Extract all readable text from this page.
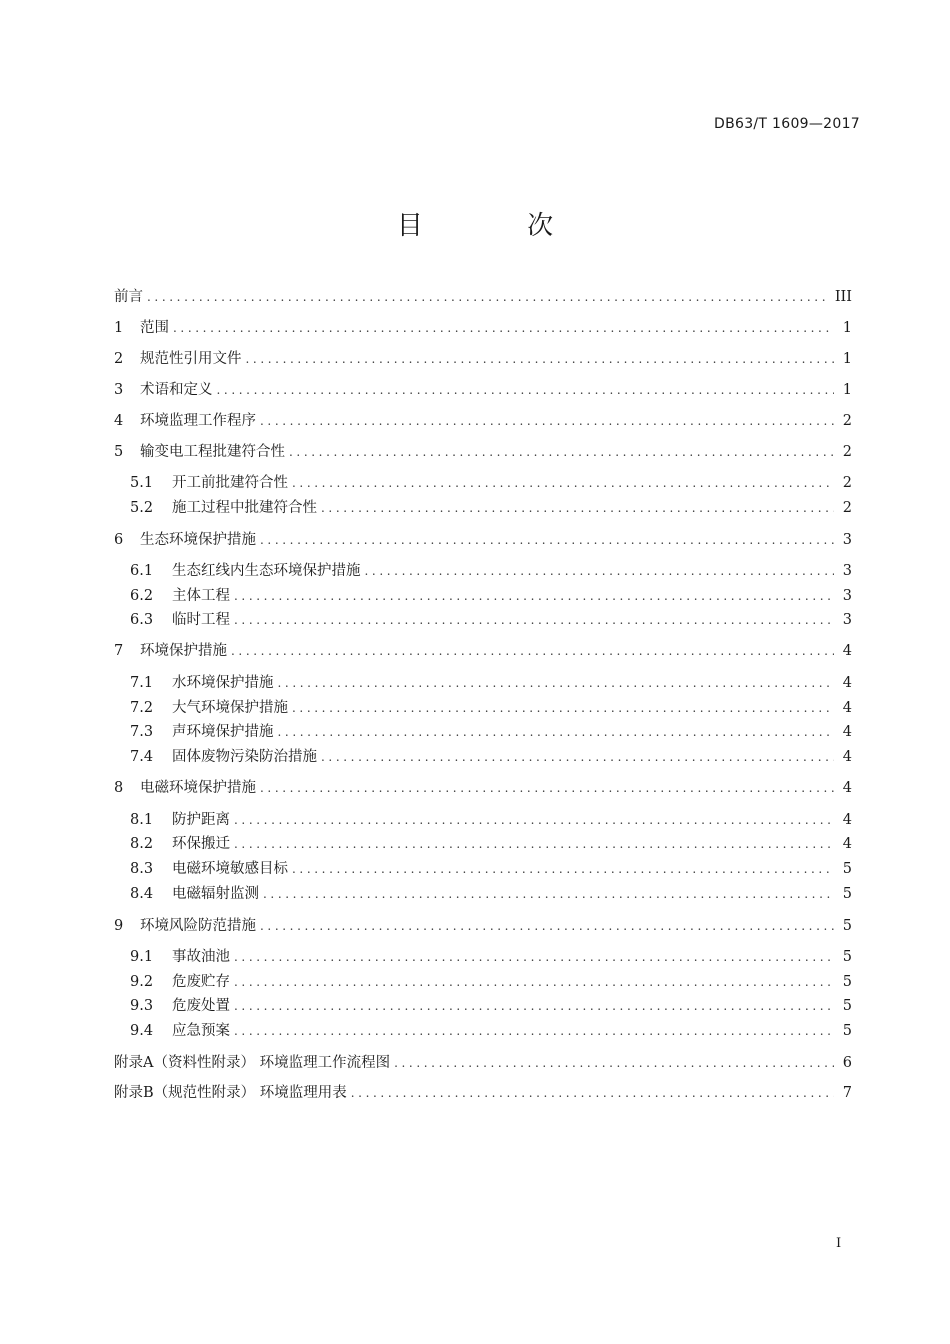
DB63/T 1609—2017
目 次
前言 .....	III
1	范围 .....	1
2	规范性引用文件 .....	1
3	术语和定义 .....	1
4	环境监理工作程序 .....	2
5	输变电工程批建符合性 .....	2
5.1	开工前批建符合性 .....	2
5.2	施工过程中批建符合性 .....	2
6	生态环境保护措施 .....	3
6.1	生态红线内生态环境保护措施 .....	3
6.2	主体工程 .....	3
6.3	临时工程 .....	3
7	环境保护措施 .....	4
7.1	水环境保护措施 .....	4
7.2	大气环境保护措施 .....	4
7.3	声环境保护措施 .....	4
7.4	固体废物污染防治措施 .....	4
8	电磁环境保护措施 .....	4
8.1	防护距离 .....	4
8.2	环保搬迁 .....	4
8.3	电磁环境敏感目标 .....	5
8.4	电磁辐射监测 .....	5
9	环境风险防范措施 .....	5
9.1	事故油池 .....	5
9.2	危废贮存 .....	5
9.3	危废处置 .....	5
9.4	应急预案 .....	5
附录A（资料性附录） 环境监理工作流程图 .....	6
附录B（规范性附录） 环境监理用表 .....	7
I
